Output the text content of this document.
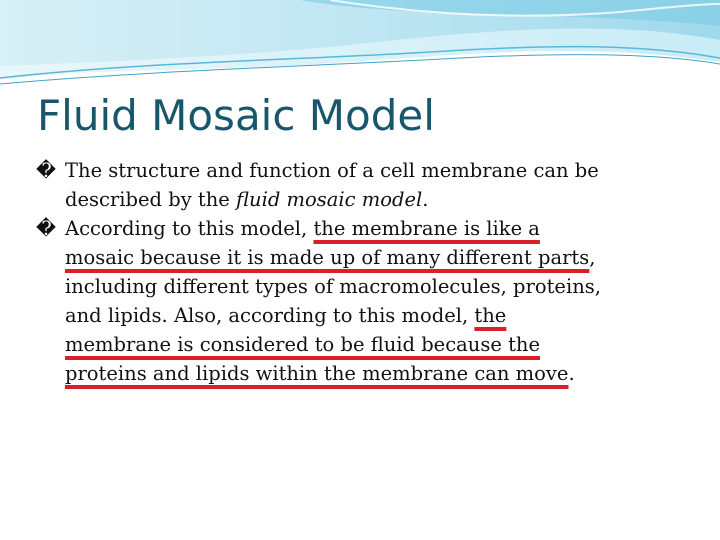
Fluid Mosaic Model
� The structure and function of a cell membrane can be
described by the fluid mosaic model.
� According to this model, the membrane is like a
mosaic because it is made up of many different parts,
including different types of macromolecules, proteins,
and lipids. Also, according to this model, the
membrane is considered to be fluid because the
proteins and lipids within the membrane can move.
